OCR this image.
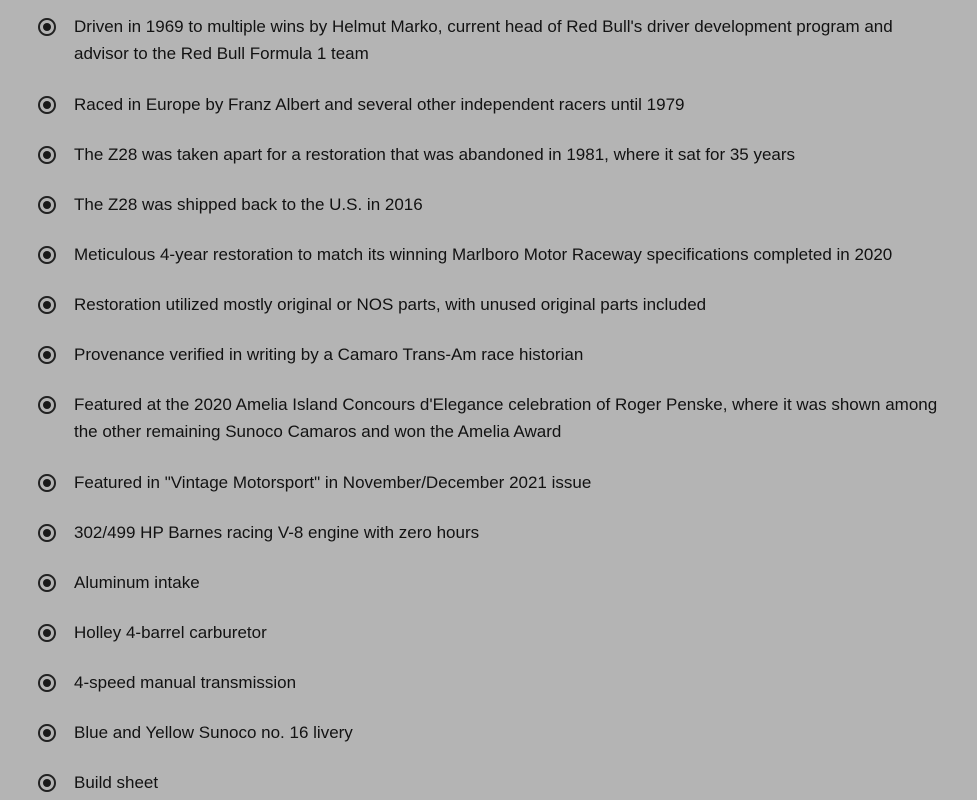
Driven in 1969 to multiple wins by Helmut Marko, current head of Red Bull's driver development program and advisor to the Red Bull Formula 1 team
Raced in Europe by Franz Albert and several other independent racers until 1979
The Z28 was taken apart for a restoration that was abandoned in 1981, where it sat for 35 years
The Z28 was shipped back to the U.S. in 2016
Meticulous 4-year restoration to match its winning Marlboro Motor Raceway specifications completed in 2020
Restoration utilized mostly original or NOS parts, with unused original parts included
Provenance verified in writing by a Camaro Trans-Am race historian
Featured at the 2020 Amelia Island Concours d'Elegance celebration of Roger Penske, where it was shown among the other remaining Sunoco Camaros and won the Amelia Award
Featured in "Vintage Motorsport" in November/December 2021 issue
302/499 HP Barnes racing V-8 engine with zero hours
Aluminum intake
Holley 4-barrel carburetor
4-speed manual transmission
Blue and Yellow Sunoco no. 16 livery
Build sheet
